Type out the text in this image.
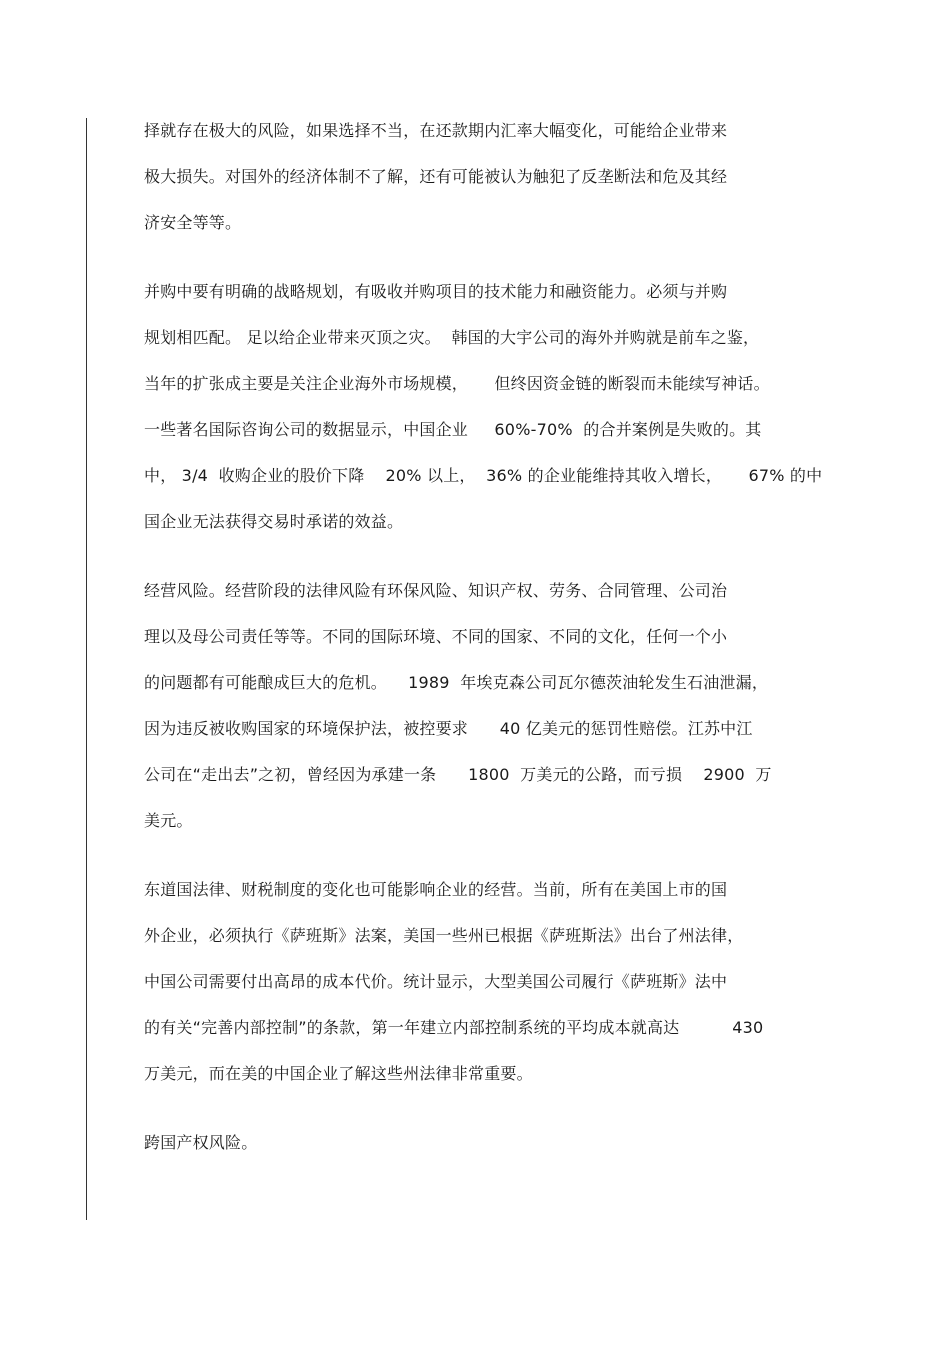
择就存在极大的风险，如果选择不当，在还款期内汇率大幅变化，可能给企业带来
极大损失。对国外的经济体制不了解，还有可能被认为触犯了反垄断法和危及其经
济安全等等。

并购中要有明确的战略规划，有吸收并购项目的技术能力和融资能力。必须与并购
规划相匹配。 足以给企业带来灭顶之灾。  韩国的大宇公司的海外并购就是前车之鉴，
当年的扩张成主要是关注企业海外市场规模，     但终因资金链的断裂而未能续写神话。
一些著名国际咨询公司的数据显示，中国企业     60%-70%  的合并案例是失败的。其
中， 3/4  收购企业的股价下降    20% 以上，  36% 的企业能维持其收入增长，     67% 的中
国企业无法获得交易时承诺的效益。

经营风险。经营阶段的法律风险有环保风险、知识产权、劳务、合同管理、公司治
理以及母公司责任等等。不同的国际环境、不同的国家、不同的文化，任何一个小
的问题都有可能酿成巨大的危机。    1989  年埃克森公司瓦尔德茨油轮发生石油泄漏，
因为违反被收购国家的环境保护法，被控要求      40 亿美元的惩罚性赔偿。江苏中江
公司在“走出去”之初，曾经因为承建一条      1800  万美元的公路，而亏损    2900  万
美元。

东道国法律、财税制度的变化也可能影响企业的经营。当前，所有在美国上市的国
外企业，必须执行《萨班斯》法案，美国一些州已根据《萨班斯法》出台了州法律，
中国公司需要付出高昂的成本代价。统计显示，大型美国公司履行《萨班斯》法中
的有关“完善内部控制”的条款，第一年建立内部控制系统的平均成本就高达          430
万美元，而在美的中国企业了解这些州法律非常重要。

跨国产权风险。
